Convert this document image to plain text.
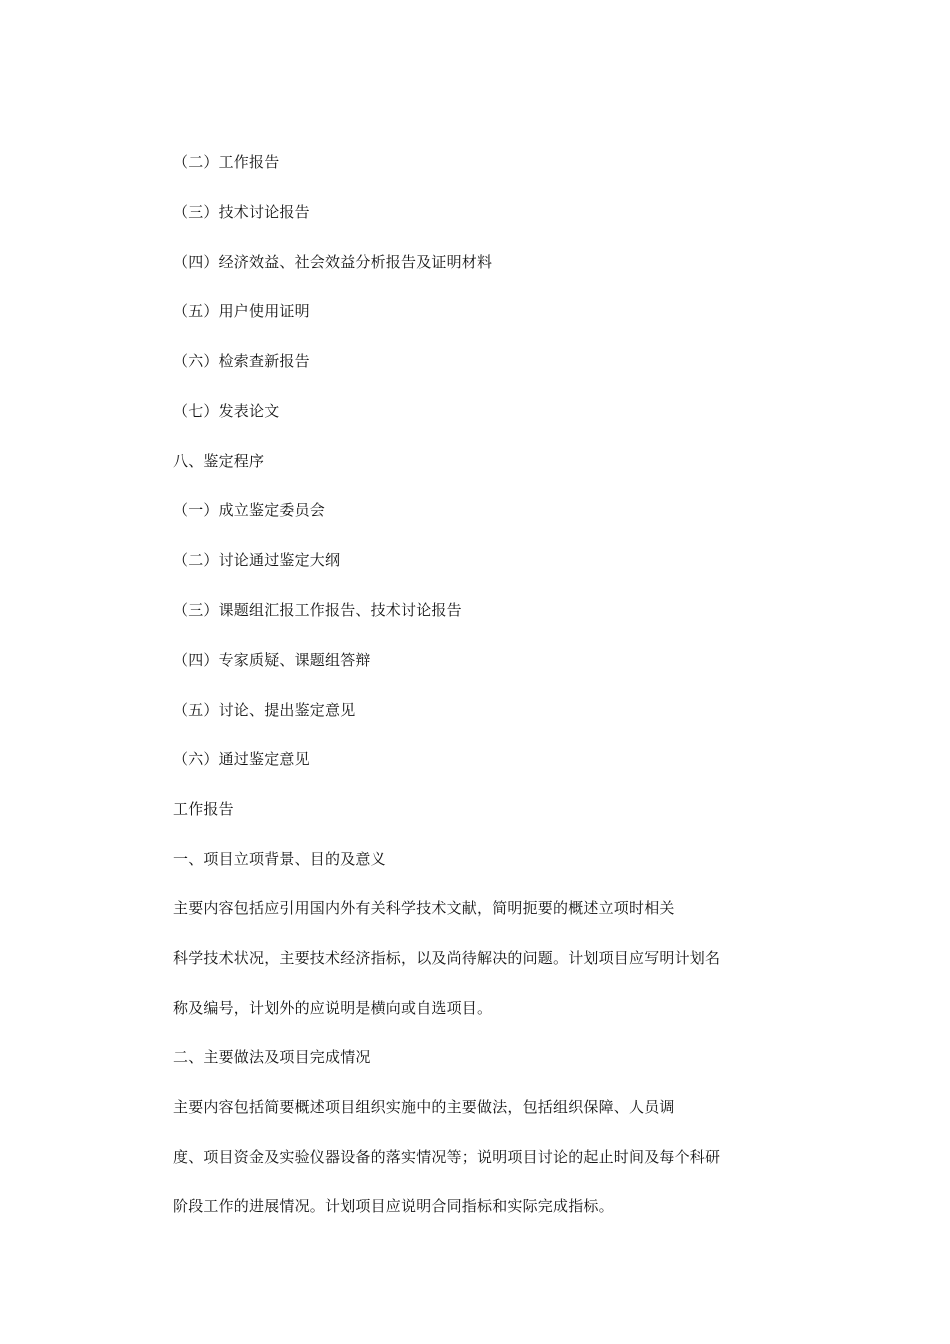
（二）工作报告
（三）技术讨论报告
（四）经济效益、社会效益分析报告及证明材料
（五）用户使用证明
（六）检索查新报告
（七）发表论文
八、鉴定程序
（一）成立鉴定委员会
（二）讨论通过鉴定大纲
（三）课题组汇报工作报告、技术讨论报告
（四）专家质疑、课题组答辩
（五）讨论、提出鉴定意见
（六）通过鉴定意见
工作报告
一、项目立项背景、目的及意义
主要内容包括应引用国内外有关科学技术文献，简明扼要的概述立项时相关
科学技术状况，主要技术经济指标，以及尚待解决的问题。计划项目应写明计划名
称及编号，计划外的应说明是横向或自选项目。
二、主要做法及项目完成情况
主要内容包括简要概述项目组织实施中的主要做法，包括组织保障、人员调
度、项目资金及实验仪器设备的落实情况等；说明项目讨论的起止时间及每个科研
阶段工作的进展情况。计划项目应说明合同指标和实际完成指标。
